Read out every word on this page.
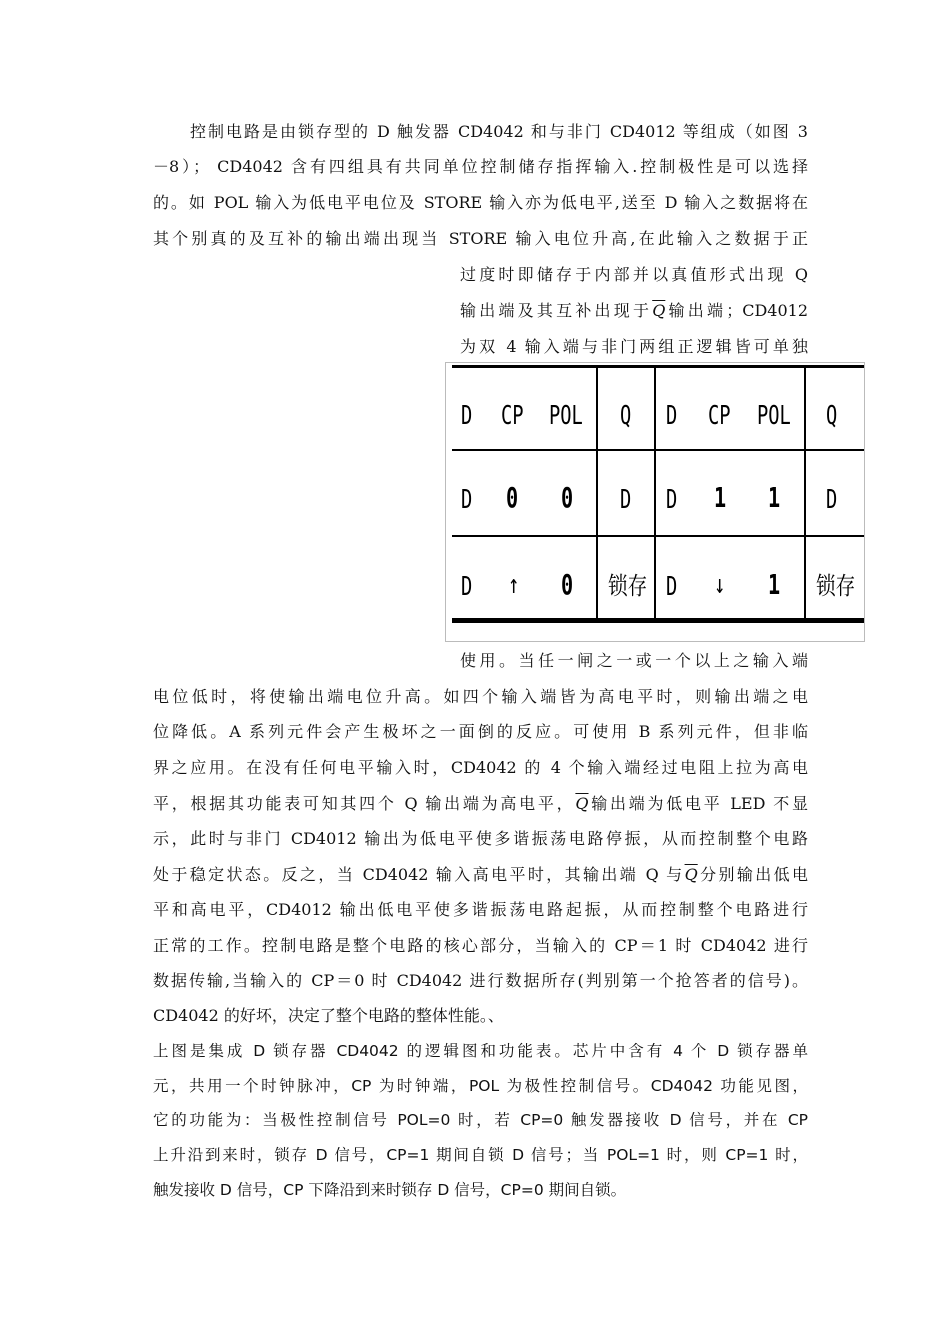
控制电路是由锁存型的 D 触发器 CD4042 和与非门 CD4012 等组成（如图 3
－8）； CD4042 含有四组具有共同单位控制储存指挥输入.控制极性是可以选择
的。如 POL 输入为低电平电位及 STORE 输入亦为低电平,送至 D 输入之数据将在
其个别真的及互补的输出端出现当 STORE 输入电位升高,在此输入之数据于正
过度时即储存于内部并以真值形式出现 Q
输出端及其互补出现于$\overline{Q}$输出端；CD4012
为双 4 输入端与非门两组正逻辑皆可单独
D CP POL Q D CP POL Q
D 0 0 D D 1 1 D
D ↑ 0 锁存 D ↓ 1 锁存
使用。当任一闸之一或一个以上之输入端
电位低时，将使输出端电位升高。如四个输入端皆为高电平时，则输出端之电
位降低。A 系列元件会产生极坏之一面倒的反应。可使用 B 系列元件，但非临
界之应用。在没有任何电平输入时，CD4042 的 4 个输入端经过电阻上拉为高电
平，根据其功能表可知其四个 Q 输出端为高电平，$\overline{Q}$输出端为低电平 LED 不显
示，此时与非门 CD4012 输出为低电平使多谐振荡电路停振，从而控制整个电路
处于稳定状态。反之，当 CD4042 输入高电平时，其输出端 Q 与$\overline{Q}$分别输出低电
平和高电平，CD4012 输出低电平使多谐振荡电路起振，从而控制整个电路进行
正常的工作。控制电路是整个电路的核心部分，当输入的 CP＝1 时 CD4042 进行
数据传输,当输入的 CP＝0 时 CD4042 进行数据所存(判别第一个抢答者的信号)。
CD4042 的好坏，决定了整个电路的整体性能。、
上图是集成 D 锁存器 CD4042 的逻辑图和功能表。芯片中含有 4 个 D 锁存器单
元，共用一个时钟脉冲，CP 为时钟端，POL 为极性控制信号。CD4042 功能见图，
它的功能为：当极性控制信号 POL=0 时，若 CP=0 触发器接收 D 信号，并在 CP
上升沿到来时，锁存 D 信号，CP=1 期间自锁 D 信号；当 POL=1 时，则 CP=1 时，
触发接收 D 信号，CP 下降沿到来时锁存 D 信号，CP=0 期间自锁。
